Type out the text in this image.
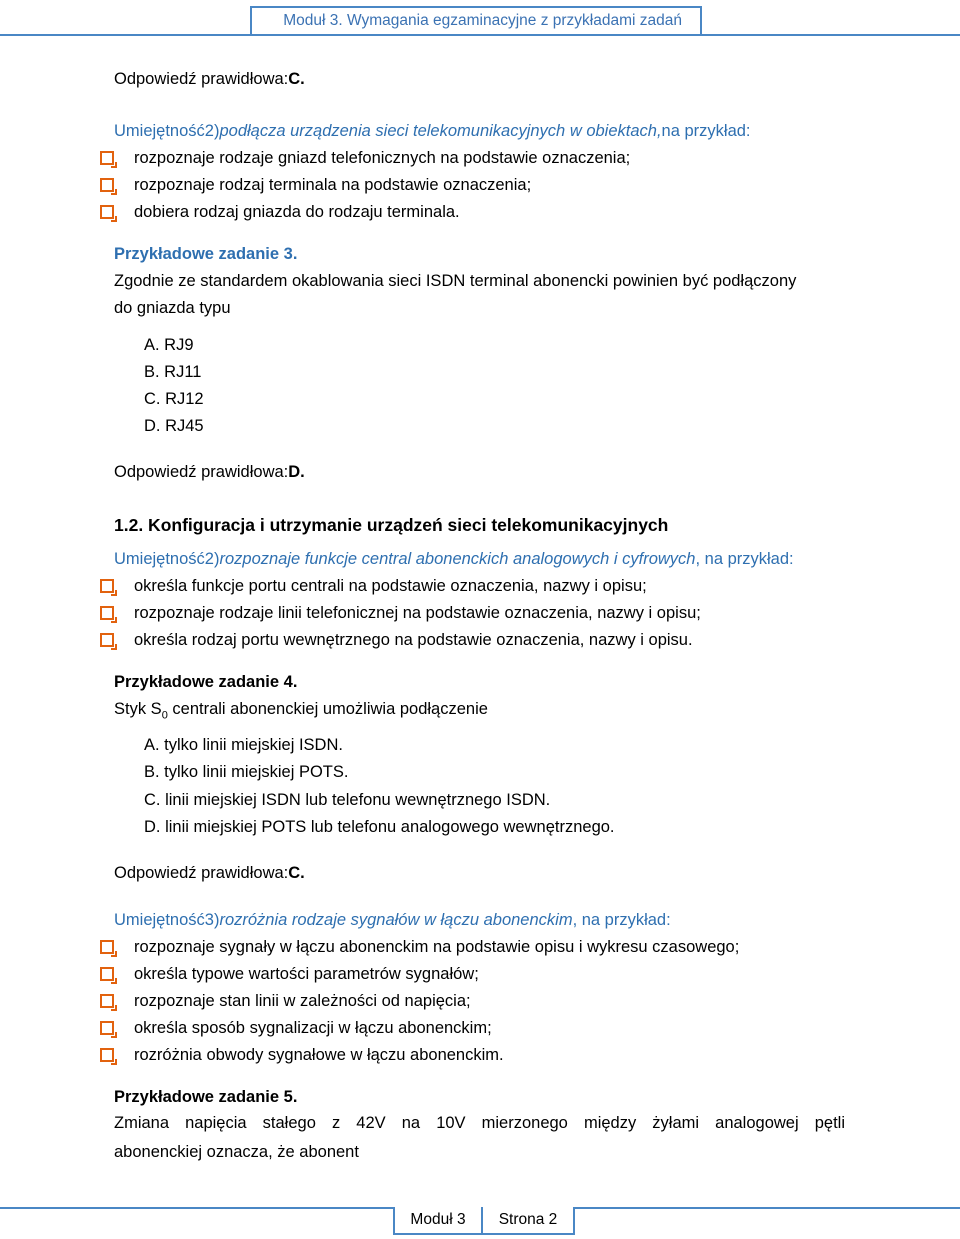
Moduł 3. Wymagania egzaminacyjne z przykładami zadań
Odpowiedź prawidłowa:C.
Umiejętność2)podłącza urządzenia sieci telekomunikacyjnych w obiektach,na przykład:
rozpoznaje rodzaje gniazd telefonicznych na podstawie oznaczenia;
rozpoznaje rodzaj terminala na podstawie oznaczenia;
dobiera rodzaj gniazda do rodzaju terminala.
Przykładowe zadanie 3.
Zgodnie ze standardem okablowania sieci ISDN terminal abonencki powinien być podłączony
do gniazda typu
A. RJ9
B. RJ11
C. RJ12
D. RJ45
Odpowiedź prawidłowa:D.
1.2. Konfiguracja i utrzymanie urządzeń sieci telekomunikacyjnych
Umiejętność2)rozpoznaje funkcje central abonenckich analogowych i cyfrowych, na przykład:
określa funkcje portu centrali na podstawie oznaczenia, nazwy i opisu;
rozpoznaje rodzaje linii telefonicznej na podstawie oznaczenia, nazwy i opisu;
określa rodzaj portu wewnętrznego na podstawie oznaczenia, nazwy i opisu.
Przykładowe zadanie 4.
Styk $S_0$ centrali abonenckiej umożliwia podłączenie
A. tylko linii miejskiej ISDN.
B. tylko linii miejskiej POTS.
C. linii miejskiej ISDN lub telefonu wewnętrznego ISDN.
D. linii miejskiej POTS lub telefonu analogowego wewnętrznego.
Odpowiedź prawidłowa:C.
Umiejętność3)rozróżnia rodzaje sygnałów w łączu abonenckim, na przykład:
rozpoznaje sygnały w łączu abonenckim na podstawie opisu i wykresu czasowego;
określa typowe wartości parametrów sygnałów;
rozpoznaje stan linii w zależności od napięcia;
określa sposób sygnalizacji w łączu abonenckim;
rozróżnia obwody sygnałowe w łączu abonenckim.
Przykładowe zadanie 5.
Zmiana napięcia stałego z 42V na 10V mierzonego między żyłami analogowej pętli
abonenckiej oznacza, że abonent
Moduł 3 Strona 2
